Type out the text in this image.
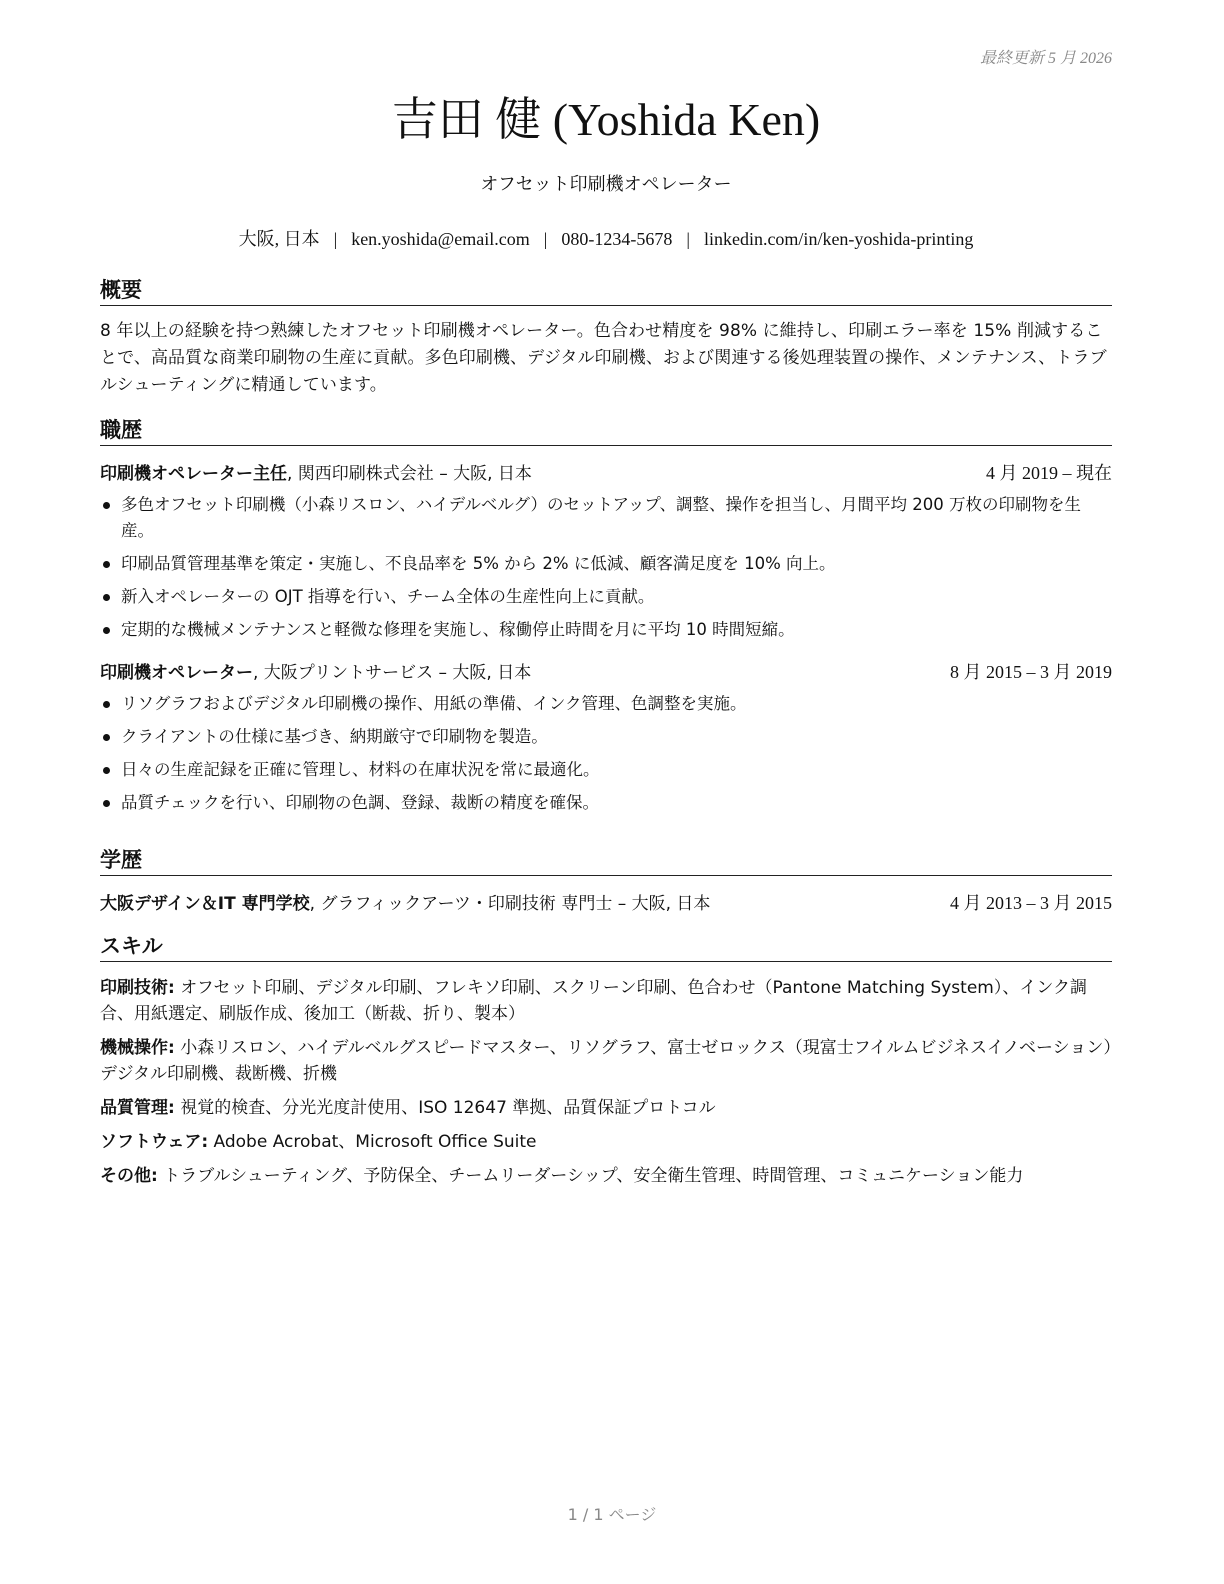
最終更新 5 月 2026
吉田 健 (Yoshida Ken)
オフセット印刷機オペレーター
大阪, 日本 | ken.yoshida@email.com | 080-1234-5678 | linkedin.com/in/ken-yoshida-printing
概要
8 年以上の経験を持つ熟練したオフセット印刷機オペレーター。色合わせ精度を 98% に維持し、印刷エラー率を 15% 削減することで、高品質な商業印刷物の生産に貢献。多色印刷機、デジタル印刷機、および関連する後処理装置の操作、メンテナンス、トラブルシューティングに精通しています。
職歴
印刷機オペレーター主任, 関西印刷株式会社 – 大阪, 日本	4 月 2019 – 現在
多色オフセット印刷機（小森リスロン、ハイデルベルグ）のセットアップ、調整、操作を担当し、月間平均 200 万枚の印刷物を生産。
印刷品質管理基準を策定・実施し、不良品率を 5% から 2% に低減、顧客満足度を 10% 向上。
新入オペレーターの OJT 指導を行い、チーム全体の生産性向上に貢献。
定期的な機械メンテナンスと軽微な修理を実施し、稼働停止時間を月に平均 10 時間短縮。
印刷機オペレーター, 大阪プリントサービス – 大阪, 日本	8 月 2015 – 3 月 2019
リソグラフおよびデジタル印刷機の操作、用紙の準備、インク管理、色調整を実施。
クライアントの仕様に基づき、納期厳守で印刷物を製造。
日々の生産記録を正確に管理し、材料の在庫状況を常に最適化。
品質チェックを行い、印刷物の色調、登録、裁断の精度を確保。
学歴
大阪デザイン＆IT 専門学校, グラフィックアーツ・印刷技術 専門士 – 大阪, 日本	4 月 2013 – 3 月 2015
スキル
印刷技術: オフセット印刷、デジタル印刷、フレキソ印刷、スクリーン印刷、色合わせ（Pantone Matching System）、インク調合、用紙選定、刷版作成、後加工（断裁、折り、製本）
機械操作: 小森リスロン、ハイデルベルグスピードマスター、リソグラフ、富士ゼロックス（現富士フイルムビジネスイノベーション）デジタル印刷機、裁断機、折機
品質管理: 視覚的検査、分光光度計使用、ISO 12647 準拠、品質保証プロトコル
ソフトウェア: Adobe Acrobat、Microsoft Office Suite
その他: トラブルシューティング、予防保全、チームリーダーシップ、安全衛生管理、時間管理、コミュニケーション能力
1 / 1 ページ
